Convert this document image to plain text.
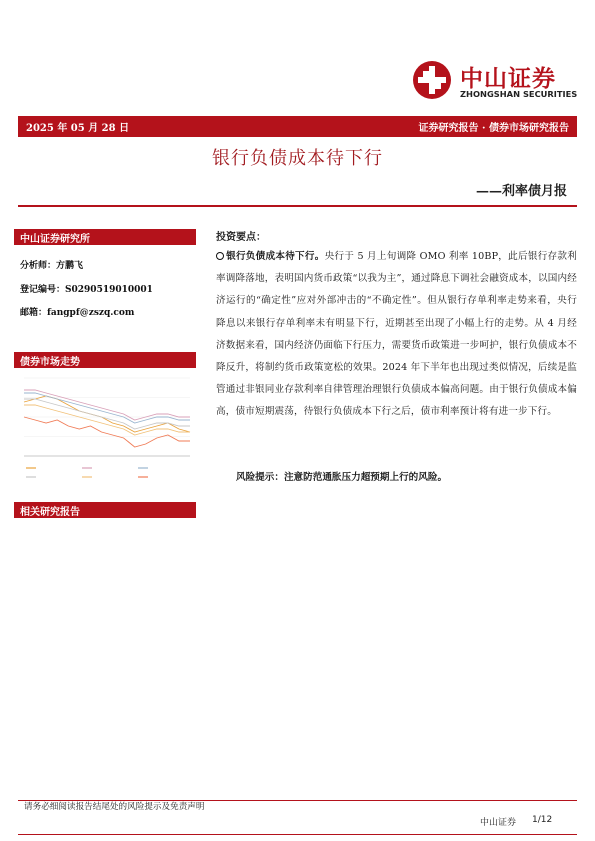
中山证券
ZHONGSHAN SECURITIES
2025 年 05 月 28 日	证券研究报告 · 债券市场研究报告
银行负债成本待下行
——利率债月报
中山证券研究所
分析师：方鹏飞
登记编号：S0290519010001
邮箱：fangpf@zszq.com
债券市场走势
相关研究报告
投资要点：
银行负债成本待下行。央行于 5 月上旬调降 OMO 利率 10BP，此后银行存款利率调降落地，表明国内货币政策“以我为主”，通过降息下调社会融资成本，以国内经济运行的“确定性”应对外部冲击的“不确定性”。但从银行存单利率走势来看，央行降息以来银行存单利率未有明显下行，近期甚至出现了小幅上行的走势。从 4 月经济数据来看，国内经济仍面临下行压力，需要货币政策进一步呵护，银行负债成本不降反升，将制约货币政策宽松的效果。2024 年下半年也出现过类似情况，后续是监管通过非银同业存款利率自律管理治理银行负债成本偏高问题。由于银行负债成本偏高，债市短期震荡，待银行负债成本下行之后，债市利率预计将有进一步下行。
风险提示：注意防范通胀压力超预期上行的风险。
请务必细阅读报告结尾处的风险提示及免责声明
中山证券 1/12
